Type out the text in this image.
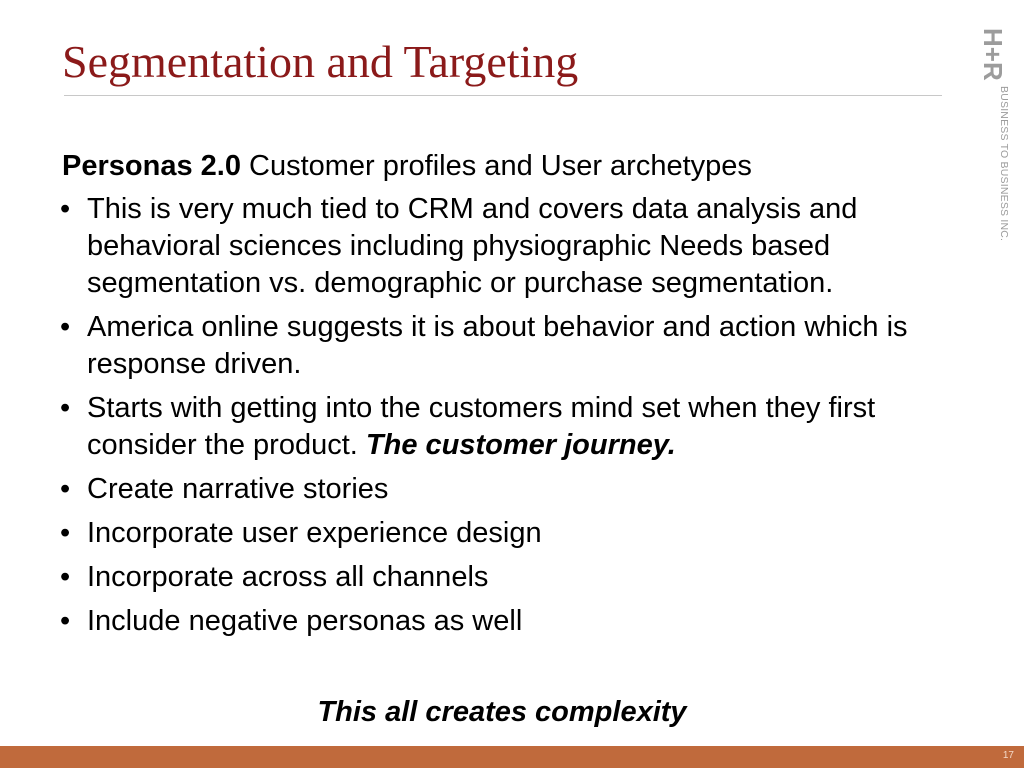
Segmentation and Targeting	H+R
BUSINESS TO BUSINESS INC.
Personas 2.0 Customer profiles and User archetypes
• This is very much tied to CRM and covers data analysis and behavioral sciences including physiographic Needs based segmentation vs. demographic or purchase segmentation.
• America online suggests it is about behavior and action which is response driven.
• Starts with getting into the customers mind set when they first consider the product. The customer journey.
• Create narrative stories
• Incorporate user experience design
• Incorporate across all channels
• Include negative personas as well
This all creates complexity
17
